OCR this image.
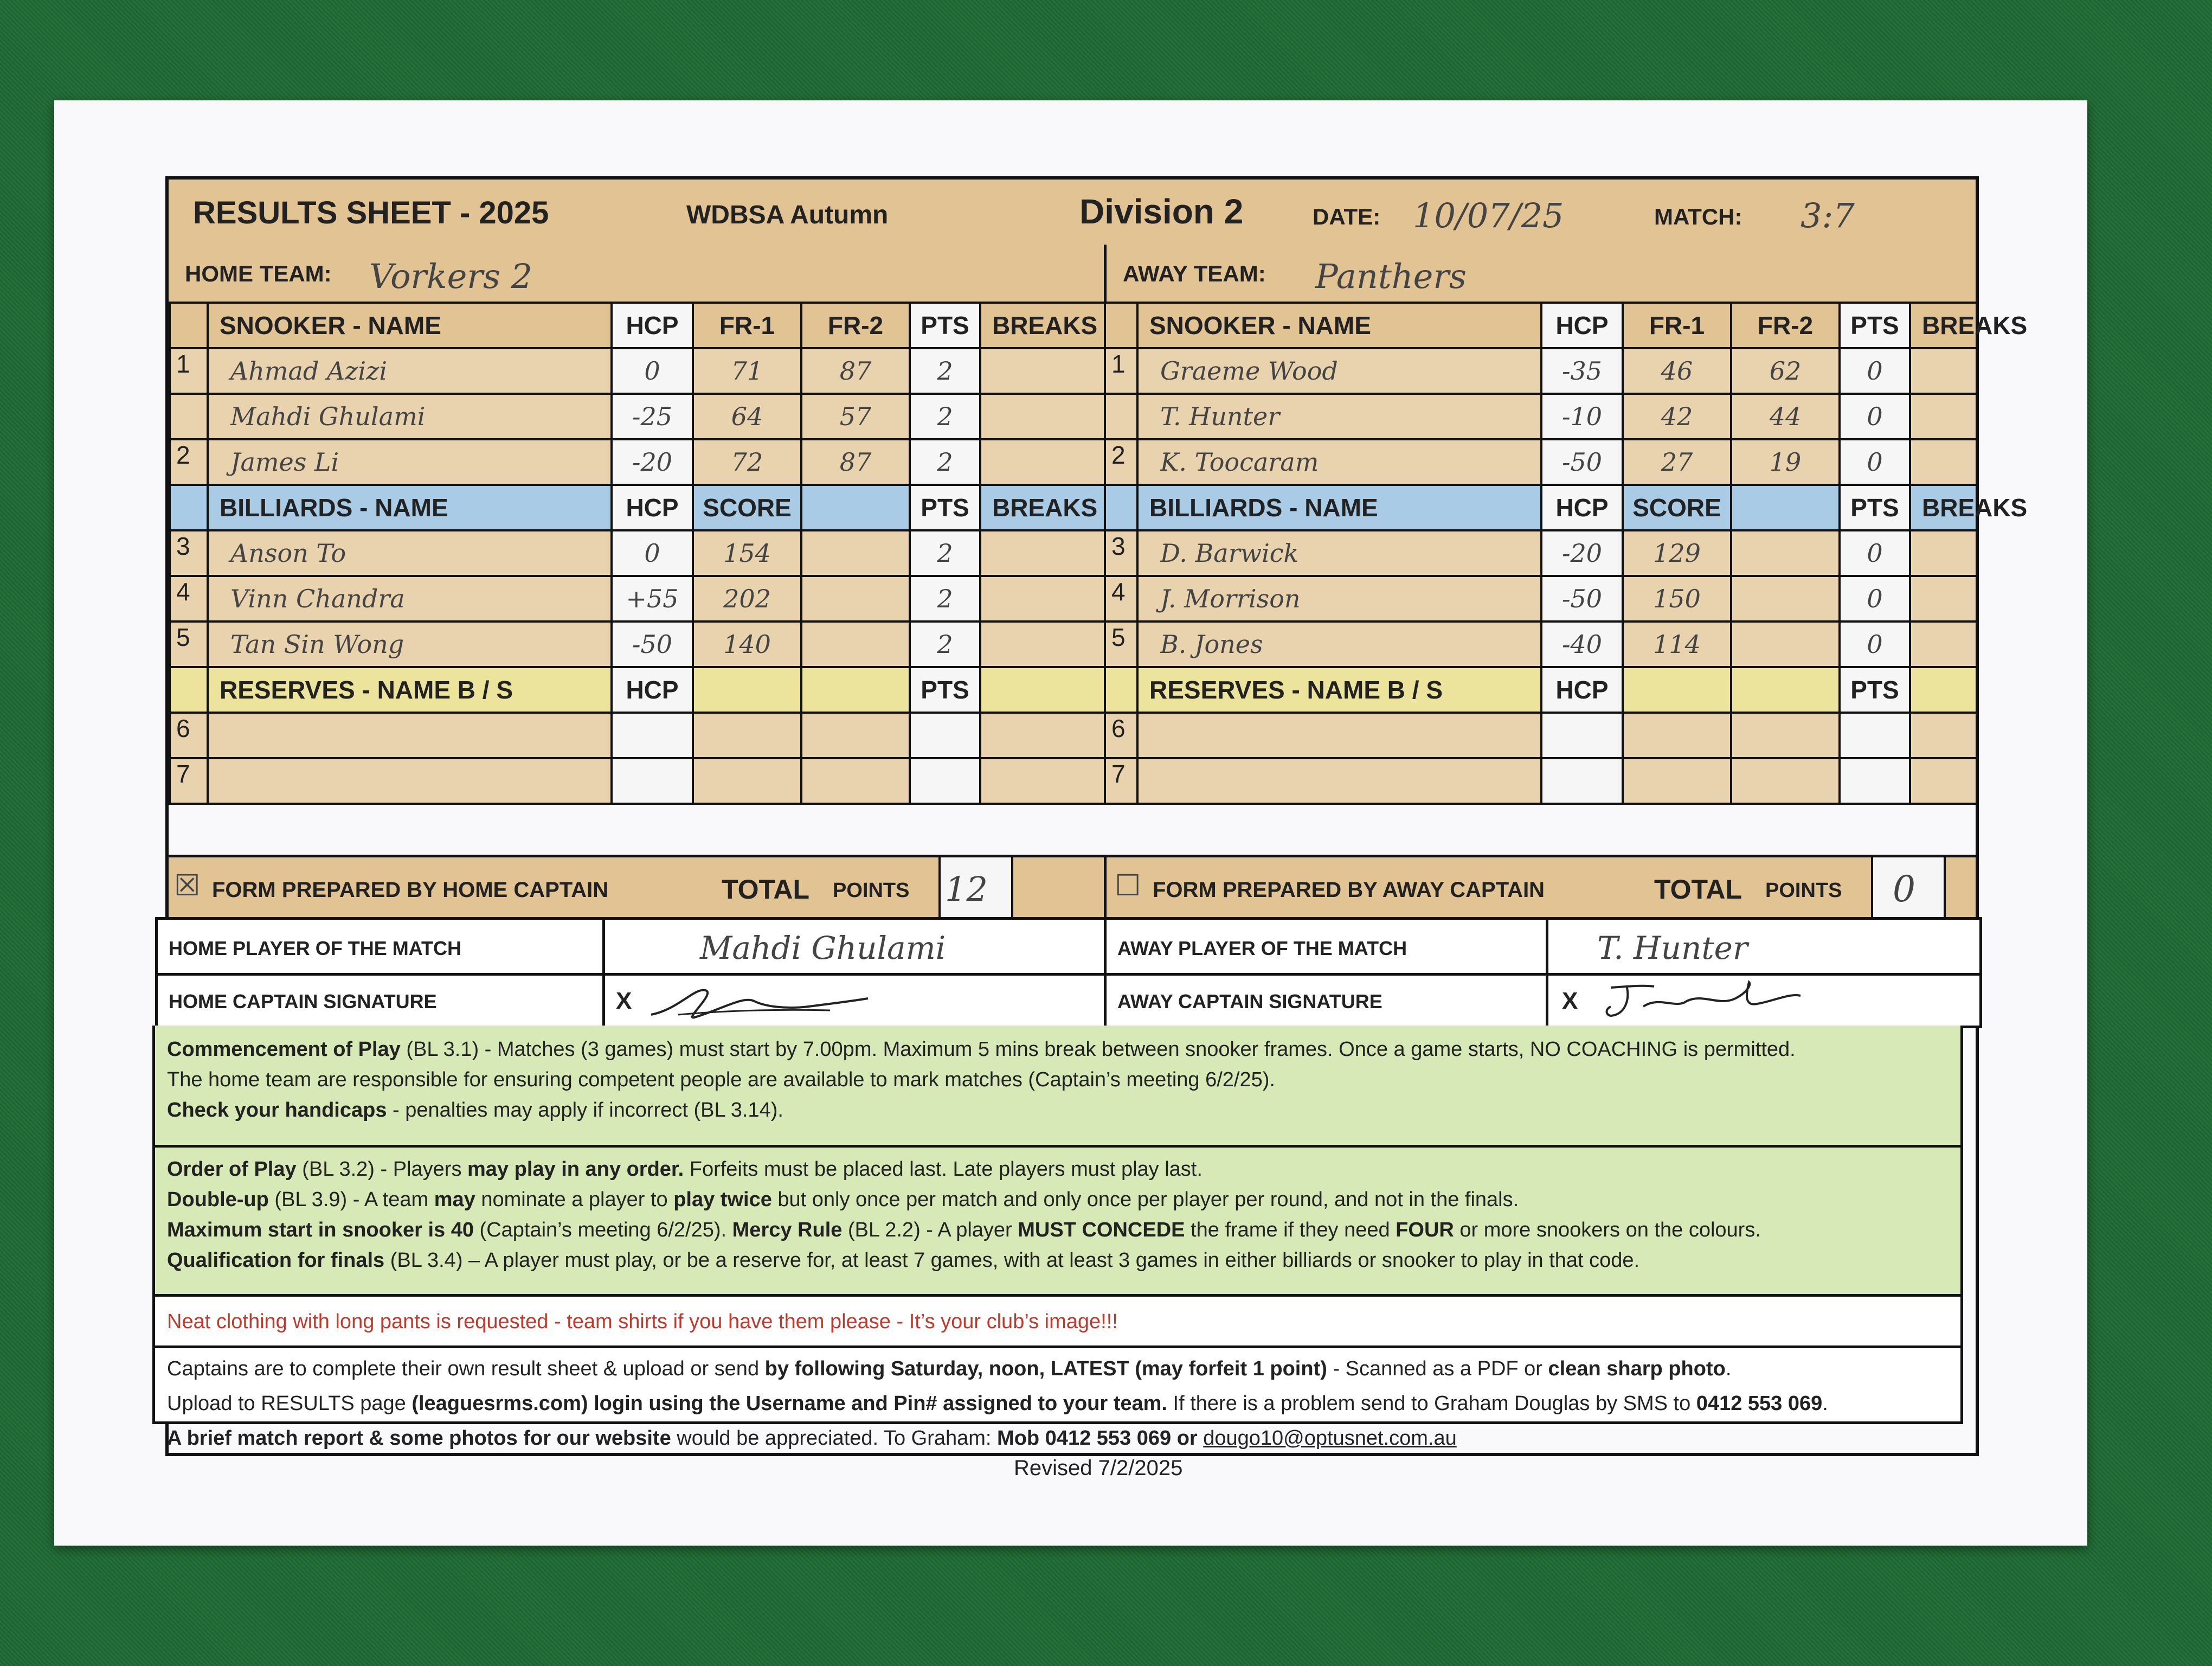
RESULTS SHEET - 2025	WDBSA Autumn	Division 2	DATE: 10/07/25	MATCH: 3:7
HOME TEAM: Vorkers 2	AWAY TEAM: Panthers
	SNOOKER - NAME	HCP	FR-1	FR-2	PTS	BREAKS
1	Ahmad Azizi	0	71	87	2	
	Mahdi Ghulami	-25	64	57	2	
2	James Li	-20	72	87	2	
	BILLIARDS - NAME	HCP	SCORE		PTS	BREAKS
3	Anson To	0	154		2	
4	Vinn Chandra	+55	202		2	
5	Tan Sin Wong	-50	140		2	
	RESERVES - NAME B / S	HCP			PTS	
6						
7						
	SNOOKER - NAME	HCP	FR-1	FR-2	PTS	BREAKS
1	Graeme Wood	-35	46	62	0	
	T. Hunter	-10	42	44	0	
2	K. Toocaram	-50	27	19	0	
	BILLIARDS - NAME	HCP	SCORE		PTS	BREAKS
3	D. Barwick	-20	129		0	
4	J. Morrison	-50	150		0	
5	B. Jones	-40	114		0	
	RESERVES - NAME B / S	HCP			PTS	
6						
7						
☒ FORM PREPARED BY HOME CAPTAIN	TOTAL POINTS 12	☐ FORM PREPARED BY AWAY CAPTAIN	TOTAL POINTS 0
HOME PLAYER OF THE MATCH	Mahdi Ghulami
HOME CAPTAIN SIGNATURE	X
AWAY PLAYER OF THE MATCH	T. Hunter
AWAY CAPTAIN SIGNATURE	X
Commencement of Play (BL 3.1) - Matches (3 games) must start by 7.00pm. Maximum 5 mins break between snooker frames. Once a game starts, NO COACHING is permitted.
The home team are responsible for ensuring competent people are available to mark matches (Captain’s meeting 6/2/25).
Check your handicaps - penalties may apply if incorrect (BL 3.14).
Order of Play (BL 3.2) - Players may play in any order. Forfeits must be placed last. Late players must play last.
Double-up (BL 3.9) - A team may nominate a player to play twice but only once per match and only once per player per round, and not in the finals.
Maximum start in snooker is 40 (Captain’s meeting 6/2/25). Mercy Rule (BL 2.2) - A player MUST CONCEDE the frame if they need FOUR or more snookers on the colours.
Qualification for finals (BL 3.4) – A player must play, or be a reserve for, at least 7 games, with at least 3 games in either billiards or snooker to play in that code.
Neat clothing with long pants is requested - team shirts if you have them please - It’s your club’s image!!!
Captains are to complete their own result sheet & upload or send by following Saturday, noon, LATEST (may forfeit 1 point) - Scanned as a PDF or clean sharp photo.
Upload to RESULTS page (leaguesrms.com) login using the Username and Pin# assigned to your team. If there is a problem send to Graham Douglas by SMS to 0412 553 069.
A brief match report & some photos for our website would be appreciated. To Graham: Mob 0412 553 069 or dougo10@optusnet.com.au
Revised 7/2/2025
